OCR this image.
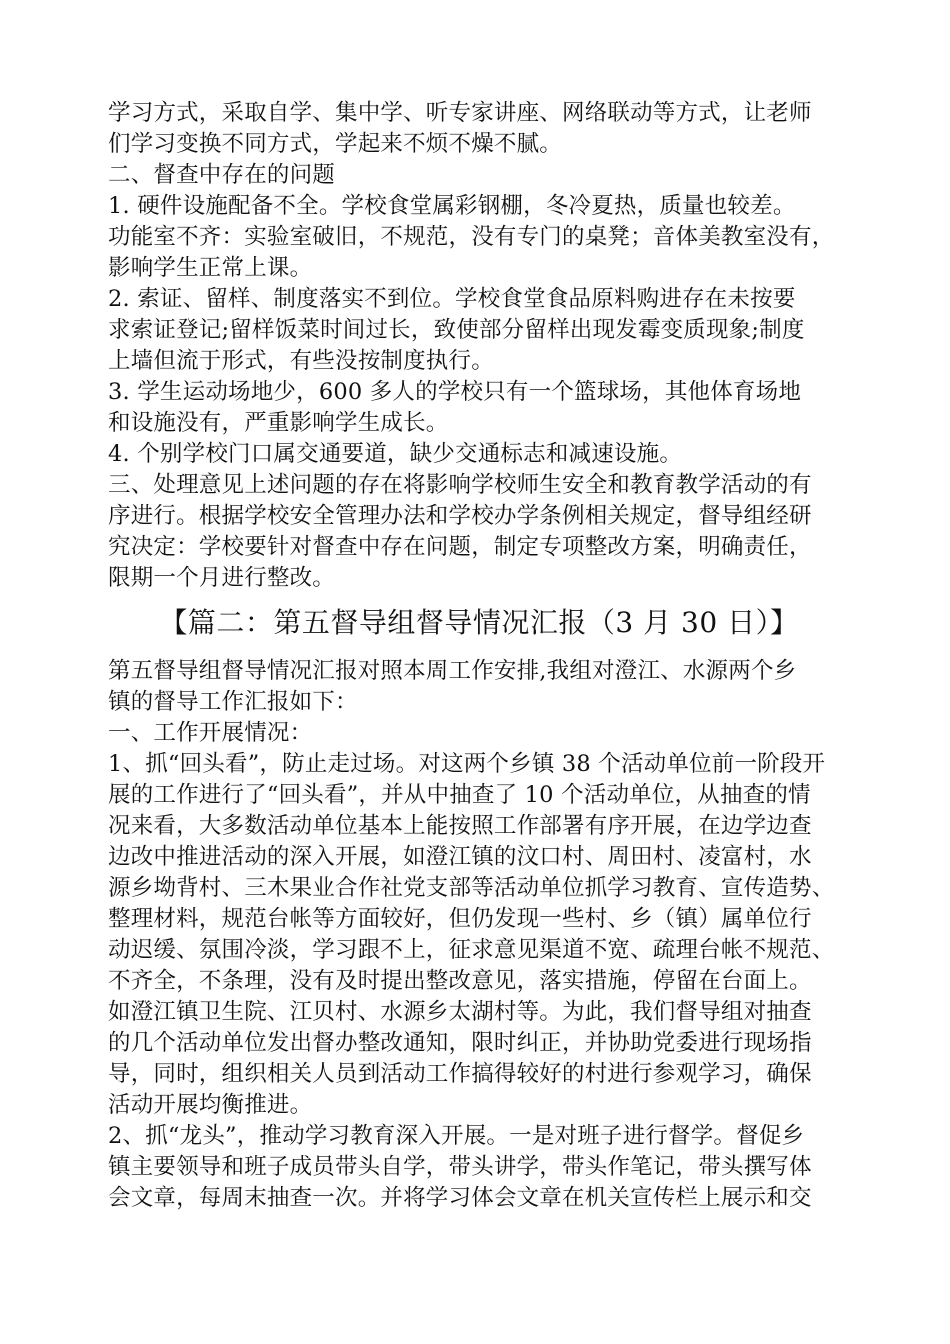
学习方式，采取自学、集中学、听专家讲座、网络联动等方式，让老师
们学习变换不同方式，学起来不烦不燥不腻。
二、督查中存在的问题
1. 硬件设施配备不全。学校食堂属彩钢棚，冬冷夏热，质量也较差。
功能室不齐：实验室破旧，不规范，没有专门的桌凳；音体美教室没有，
影响学生正常上课。
2. 索证、留样、制度落实不到位。学校食堂食品原料购进存在未按要
求索证登记;留样饭菜时间过长，致使部分留样出现发霉变质现象;制度
上墙但流于形式，有些没按制度执行。
3. 学生运动场地少，600 多人的学校只有一个篮球场，其他体育场地
和设施没有，严重影响学生成长。
4. 个别学校门口属交通要道，缺少交通标志和减速设施。
三、处理意见上述问题的存在将影响学校师生安全和教育教学活动的有
序进行。根据学校安全管理办法和学校办学条例相关规定，督导组经研
究决定：学校要针对督查中存在问题，制定专项整改方案，明确责任，
限期一个月进行整改。
【篇二：第五督导组督导情况汇报（3 月 30 日）】
第五督导组督导情况汇报对照本周工作安排,我组对澄江、水源两个乡
镇的督导工作汇报如下：
一、工作开展情况：
1、抓“回头看”，防止走过场。对这两个乡镇 38 个活动单位前一阶段开
展的工作进行了“回头看”，并从中抽查了 10 个活动单位，从抽查的情
况来看，大多数活动单位基本上能按照工作部署有序开展，在边学边查
边改中推进活动的深入开展，如澄江镇的汶口村、周田村、凌富村，水
源乡坳背村、三木果业合作社党支部等活动单位抓学习教育、宣传造势、
整理材料，规范台帐等方面较好，但仍发现一些村、乡（镇）属单位行
动迟缓、氛围冷淡，学习跟不上，征求意见渠道不宽、疏理台帐不规范、
不齐全，不条理，没有及时提出整改意见，落实措施，停留在台面上。
如澄江镇卫生院、江贝村、水源乡太湖村等。为此，我们督导组对抽查
的几个活动单位发出督办整改通知，限时纠正，并协助党委进行现场指
导，同时，组织相关人员到活动工作搞得较好的村进行参观学习，确保
活动开展均衡推进。
2、抓“龙头”，推动学习教育深入开展。一是对班子进行督学。督促乡
镇主要领导和班子成员带头自学，带头讲学，带头作笔记，带头撰写体
会文章，每周末抽查一次。并将学习体会文章在机关宣传栏上展示和交
